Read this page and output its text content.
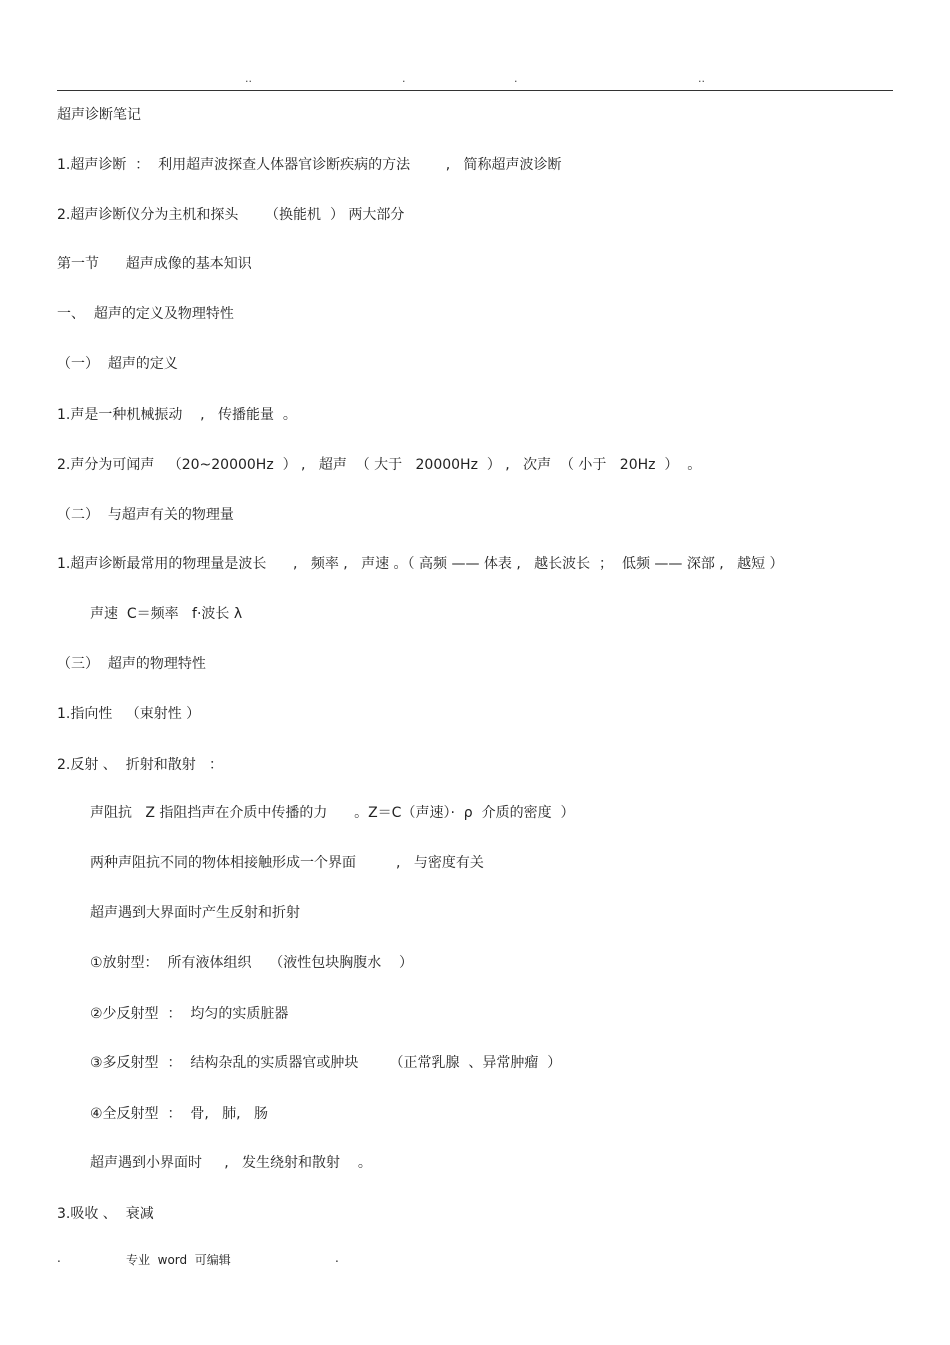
..	.	.	..
超声诊断笔记
1.超声诊断  ：  利用超声波探查人体器官诊断疾病的方法        ,   简称超声波诊断
2.超声诊断仪分为主机和探头      （换能机  ） 两大部分
第一节      超声成像的基本知识
一、  超声的定义及物理特性
（一）  超声的定义
1.声是一种机械振动    ,   传播能量  。
2.声分为可闻声   （20~20000Hz  ） ,   超声  （ 大于   20000Hz  ） ,   次声  （ 小于   20Hz  ）  。
（二）  与超声有关的物理量
1.超声诊断最常用的物理量是波长      ,   频率 ,   声速 。（ 高频 —— 体表 ,   越长波长  ；  低频 —— 深部 ,   越短 ）
声速  C＝频率   f·波长 λ
（三）  超声的物理特性
1.指向性   （束射性 ）
2.反射 、  折射和散射   ：
声阻抗   Z 指阻挡声在介质中传播的力      。Z＝C（声速）·  ρ  介质的密度  ）
两种声阻抗不同的物体相接触形成一个界面         ,   与密度有关
超声遇到大界面时产生反射和折射
①放射型：  所有液体组织    （液性包块胸腹水    ）
②少反射型  ：  均匀的实质脏器
③多反射型  ：  结构杂乱的实质器官或肿块       （正常乳腺  、异常肿瘤  ）
④全反射型  ：  骨,   肺,   肠
超声遇到小界面时     ,   发生绕射和散射    。
3.吸收 、  衰减
.	专业  word  可编辑	.
